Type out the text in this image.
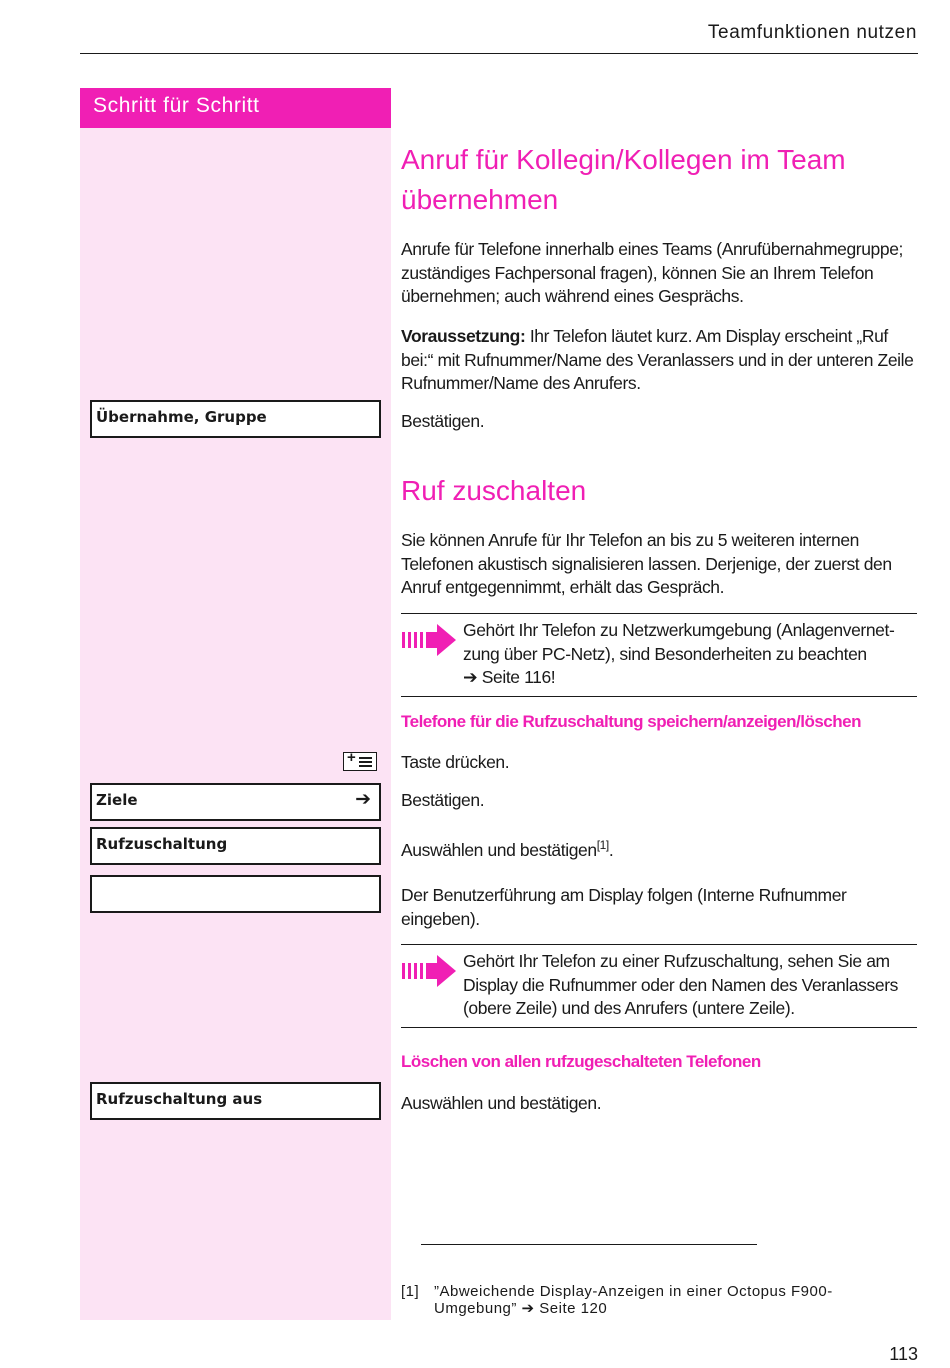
Teamfunktionen nutzen
Schritt für Schritt
Übernahme, Gruppe
+
Ziele	➔
Rufzuschaltung
Rufzuschaltung aus
Anruf für Kollegin/Kollegen im Team
übernehmen
Anrufe für Telefone innerhalb eines Teams (Anrufübernahmegruppe; zuständiges Fachpersonal fragen), können Sie an Ihrem Telefon übernehmen; auch während eines Gesprächs.
Voraussetzung: Ihr Telefon läutet kurz. Am Display erscheint „Ruf bei:“ mit Rufnummer/Name des Veranlassers und in der unteren Zeile Rufnummer/Name des Anrufers.
Bestätigen.
Ruf zuschalten
Sie können Anrufe für Ihr Telefon an bis zu 5 weiteren internen Telefonen akustisch signalisieren lassen. Derjenige, der zuerst den Anruf entgegennimmt, erhält das Gespräch.
Gehört Ihr Telefon zu Netzwerkumgebung (Anlagenvernet-
zung über PC-Netz), sind Besonderheiten zu beachten
➔ Seite 116!
Telefone für die Rufzuschaltung speichern/anzeigen/löschen
Taste drücken.
Bestätigen.
Auswählen und bestätigen[1].
Der Benutzerführung am Display folgen (Interne Rufnummer eingeben).
Gehört Ihr Telefon zu einer Rufzuschaltung, sehen Sie am Display die Rufnummer oder den Namen des Veranlassers (obere Zeile) und des Anrufers (untere Zeile).
Löschen von allen rufzugeschalteten Telefonen
Auswählen und bestätigen.
[1] ”Abweichende Display-Anzeigen in einer Octopus F900-Umgebung” ➔ Seite 120
113
